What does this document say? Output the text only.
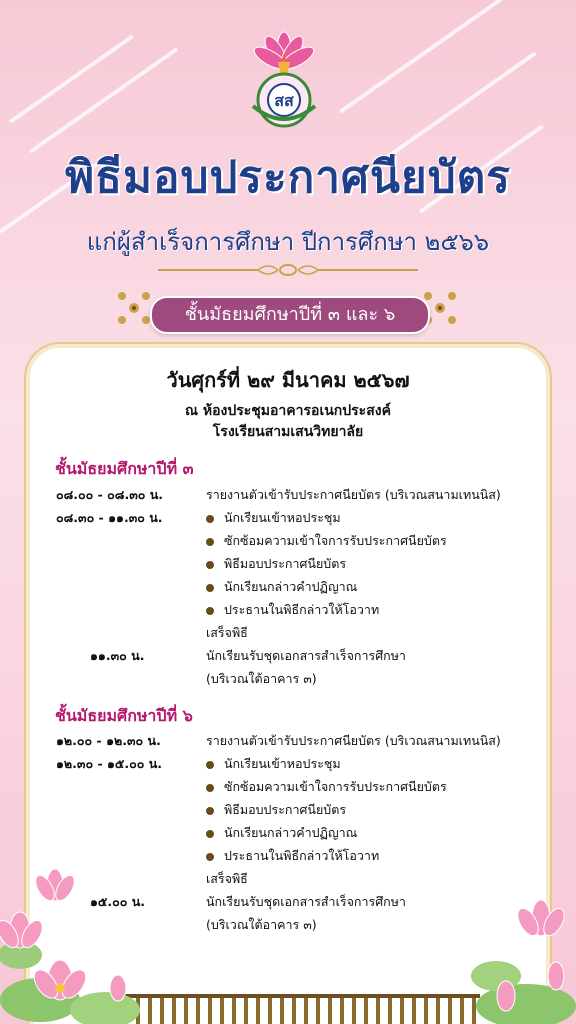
สส
พิธีมอบประกาศนียบัตร
แก่ผู้สำเร็จการศึกษา ปีการศึกษา ๒๕๖๖
ชั้นมัธยมศึกษาปีที่ ๓ และ ๖
วันศุกร์ที่ ๒๙ มีนาคม ๒๕๖๗
ณ ห้องประชุมอาคารอเนกประสงค์
โรงเรียนสามเสนวิทยาลัย
ชั้นมัธยมศึกษาปีที่ ๓
๐๘.๐๐ - ๐๘.๓๐ น.	รายงานตัวเข้ารับประกาศนียบัตร (บริเวณสนามเทนนิส)
๐๘.๓๐ - ๑๑.๓๐ น.	นักเรียนเข้าหอประชุม
ซักซ้อมความเข้าใจการรับประกาศนียบัตร
พิธีมอบประกาศนียบัตร
นักเรียนกล่าวคำปฏิญาณ
ประธานในพิธีกล่าวให้โอวาท
เสร็จพิธี
๑๑.๓๐ น.	นักเรียนรับชุดเอกสารสำเร็จการศึกษา
(บริเวณใต้อาคาร ๓)
ชั้นมัธยมศึกษาปีที่ ๖
๑๒.๐๐ - ๑๒.๓๐ น.	รายงานตัวเข้ารับประกาศนียบัตร (บริเวณสนามเทนนิส)
๑๒.๓๐ - ๑๕.๐๐ น.	นักเรียนเข้าหอประชุม
ซักซ้อมความเข้าใจการรับประกาศนียบัตร
พิธีมอบประกาศนียบัตร
นักเรียนกล่าวคำปฏิญาณ
ประธานในพิธีกล่าวให้โอวาท
เสร็จพิธี
๑๕.๐๐ น.	นักเรียนรับชุดเอกสารสำเร็จการศึกษา
(บริเวณใต้อาคาร ๓)
